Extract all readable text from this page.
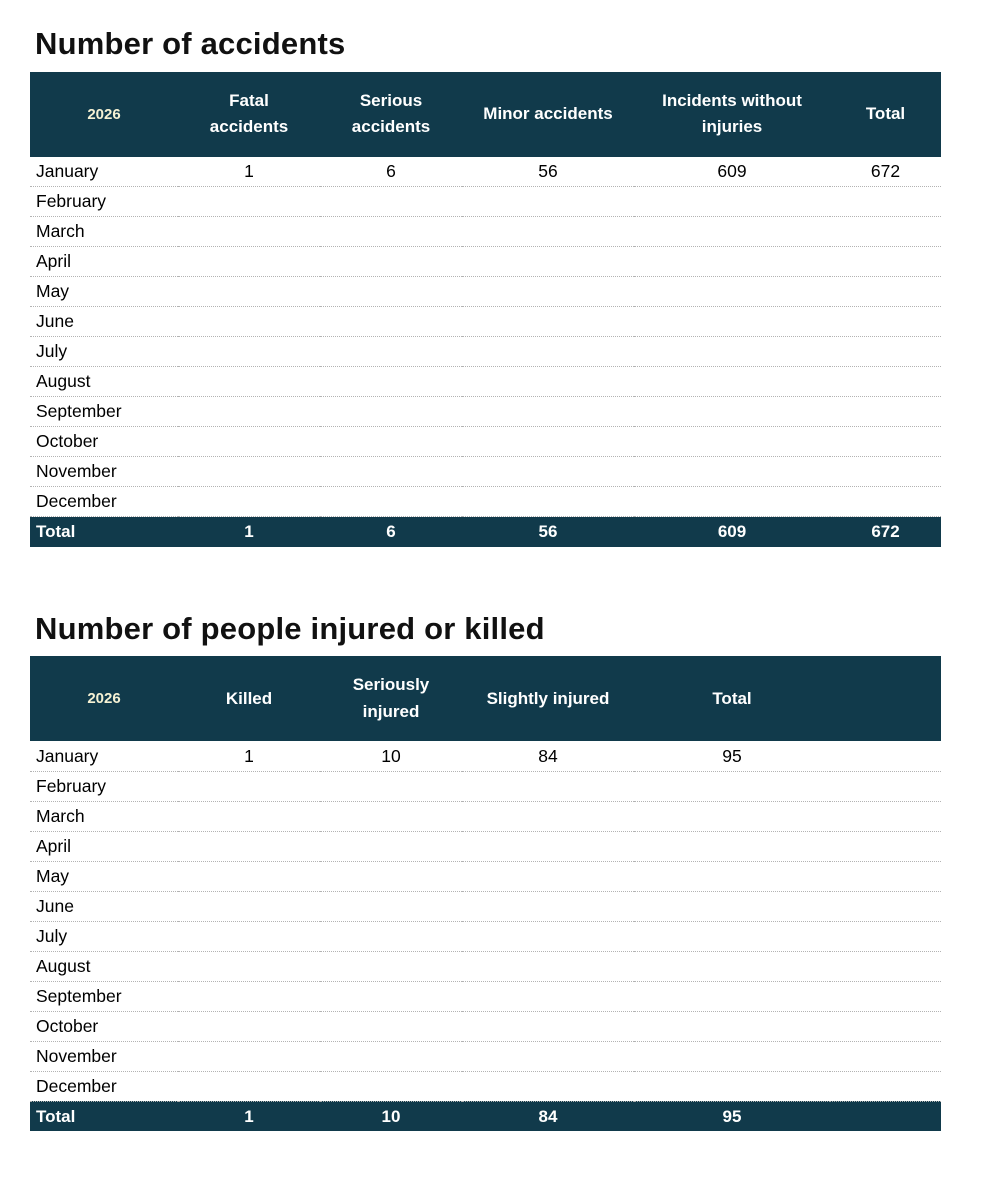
Number of accidents
2026	Fatal accidents	Serious accidents	Minor accidents	Incidents without injuries	Total
January	1	6	56	609	672
February					
March					
April					
May					
June					
July					
August					
September					
October					
November					
December					
Total	1	6	56	609	672
Number of people injured or killed
2026	Killed	Seriously injured	Slightly injured	Total	
January	1	10	84	95	
February					
March					
April					
May					
June					
July					
August					
September					
October					
November					
December					
Total	1	10	84	95	
